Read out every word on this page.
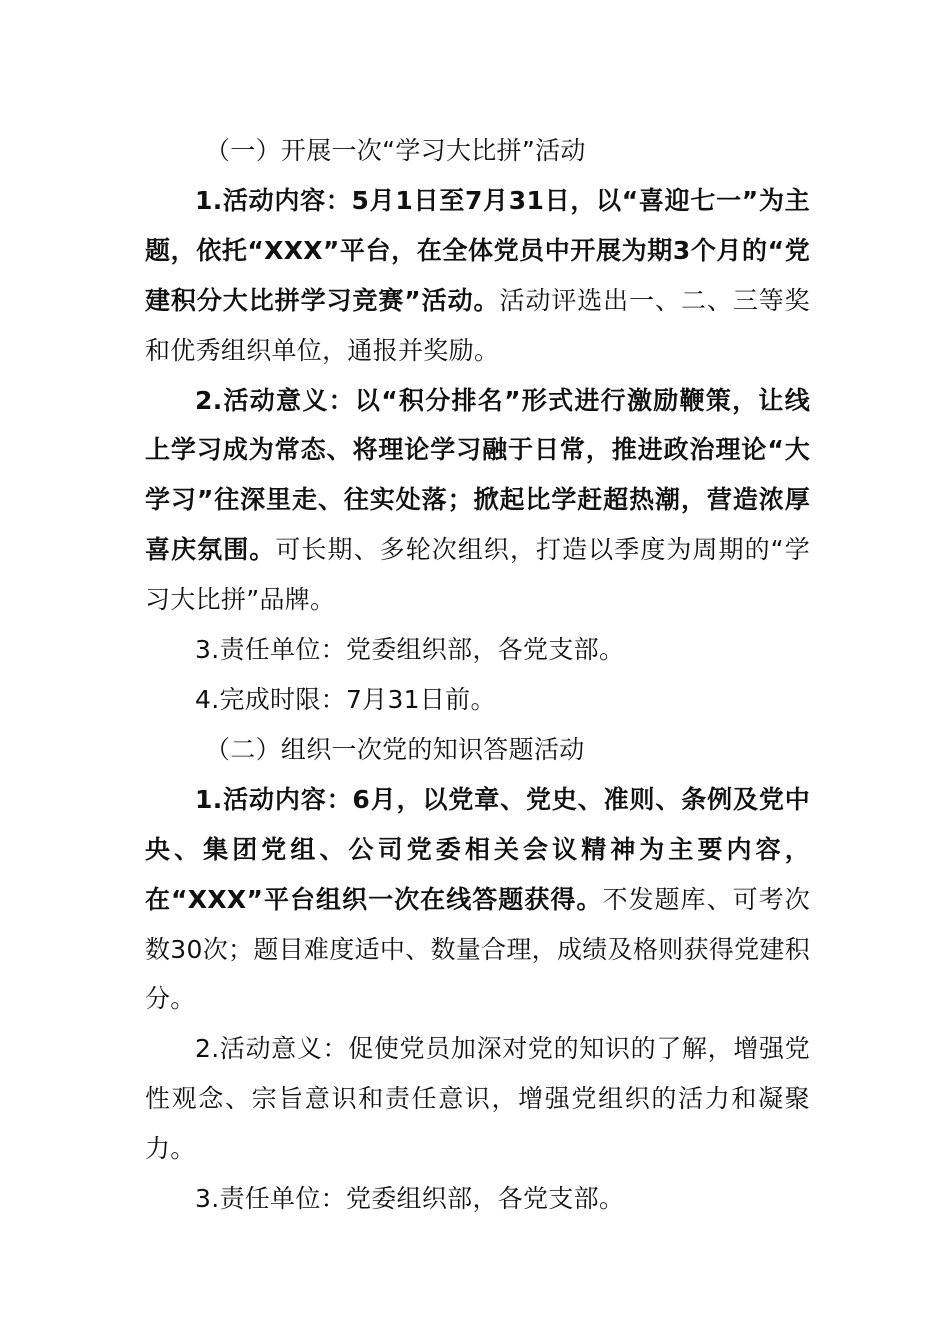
（一）开展一次“学习大比拼”活动

1.活动内容：5月1日至7月31日，以“喜迎七一”为主题，依托“XXX”平台，在全体党员中开展为期3个月的“党建积分大比拼学习竞赛”活动。活动评选出一、二、三等奖和优秀组织单位，通报并奖励。

2.活动意义：以“积分排名”形式进行激励鞭策，让线上学习成为常态、将理论学习融于日常，推进政治理论“大学习”往深里走、往实处落；掀起比学赶超热潮，营造浓厚喜庆氛围。可长期、多轮次组织，打造以季度为周期的“学习大比拼”品牌。

3.责任单位：党委组织部，各党支部。

4.完成时限：7月31日前。

（二）组织一次党的知识答题活动

1.活动内容：6月，以党章、党史、准则、条例及党中央、集团党组、公司党委相关会议精神为主要内容，在“XXX”平台组织一次在线答题获得。不发题库、可考次数30次；题目难度适中、数量合理，成绩及格则获得党建积分。

2.活动意义：促使党员加深对党的知识的了解，增强党性观念、宗旨意识和责任意识，增强党组织的活力和凝聚力。

3.责任单位：党委组织部，各党支部。
